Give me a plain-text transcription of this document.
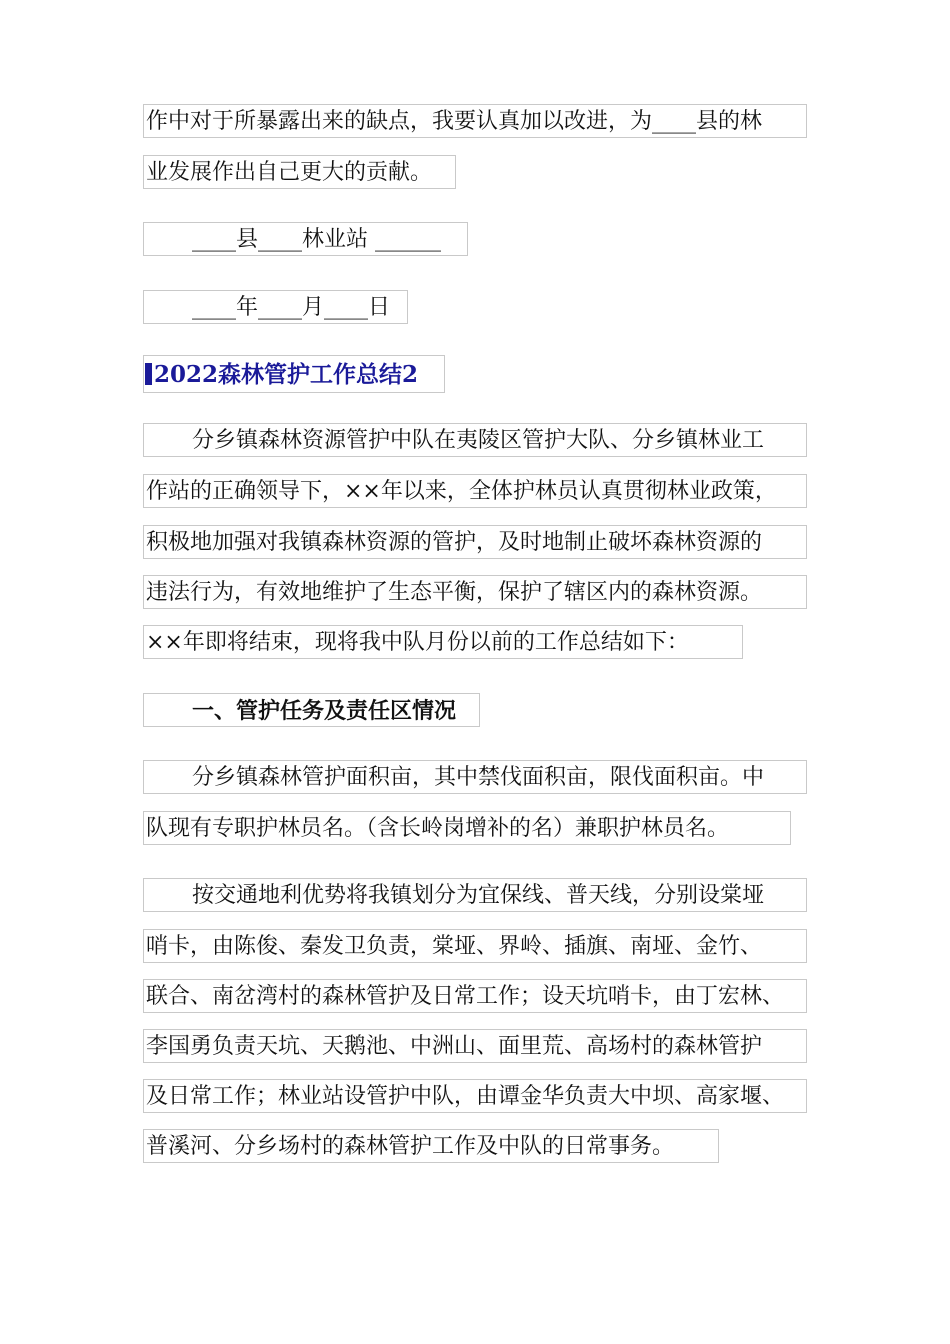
作中对于所暴露出来的缺点，我要认真加以改进，为____县的林
业发展作出自己更大的贡献。
____县____林业站 ______
____年____月____日
2022森林管护工作总结2
分乡镇森林资源管护中队在夷陵区管护大队、分乡镇林业工
作站的正确领导下，××年以来，全体护林员认真贯彻林业政策，
积极地加强对我镇森林资源的管护，及时地制止破坏森林资源的
违法行为，有效地维护了生态平衡，保护了辖区内的森林资源。
××年即将结束，现将我中队月份以前的工作总结如下：
一、管护任务及责任区情况
分乡镇森林管护面积亩，其中禁伐面积亩，限伐面积亩。中
队现有专职护林员名。（含长岭岗增补的名）兼职护林员名。
按交通地利优势将我镇划分为宜保线、普天线，分别设棠垭
哨卡，由陈俊、秦发卫负责，棠垭、界岭、插旗、南垭、金竹、
联合、南岔湾村的森林管护及日常工作；设天坑哨卡，由丁宏林、
李国勇负责天坑、天鹅池、中洲山、面里荒、高场村的森林管护
及日常工作；林业站设管护中队，由谭金华负责大中坝、高家堰、
普溪河、分乡场村的森林管护工作及中队的日常事务。
